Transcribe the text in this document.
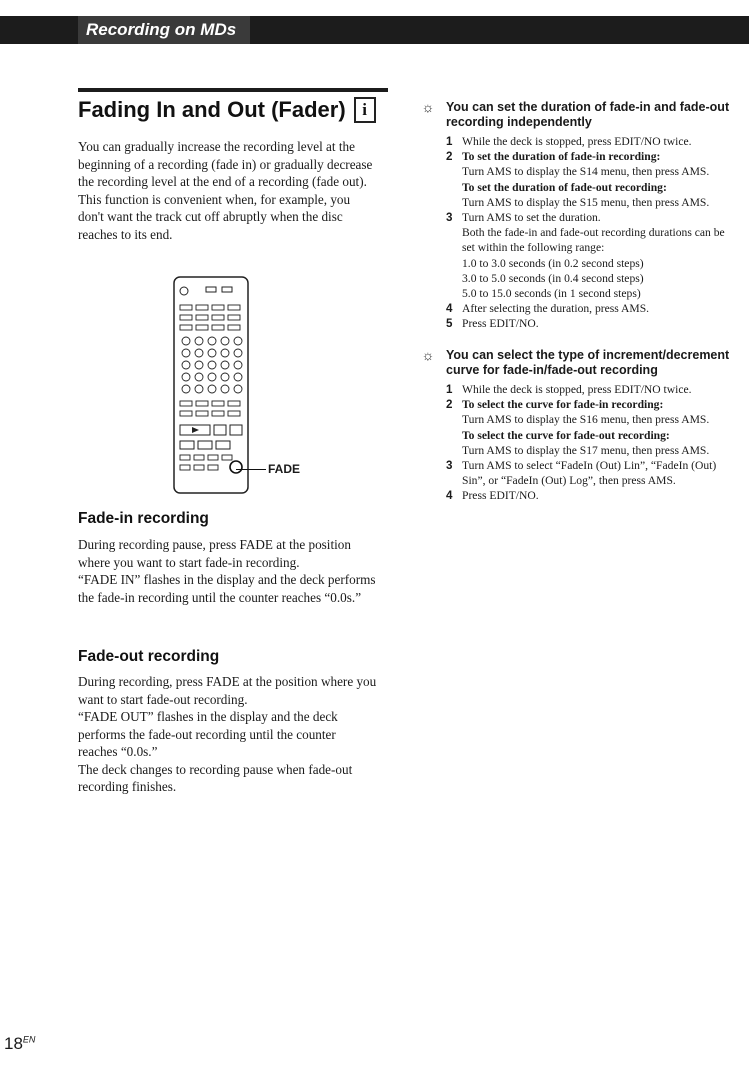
Recording on MDs
Fading In and Out (Fader) i

You can gradually increase the recording level at the beginning of a recording (fade in) or gradually decrease the recording level at the end of a recording (fade out).

This function is convenient when, for example, you don't want the track cut off abruptly when the disc reaches to its end.

FADE
Fade-in recording

During recording pause, press FADE at the position where you want to start fade-in recording.

“FADE IN” flashes in the display and the deck performs the fade-in recording until the counter reaches “0.0s.”

Fade-out recording

During recording, press FADE at the position where you want to start fade-out recording.

“FADE OUT” flashes in the display and the deck performs the fade-out recording until the counter reaches “0.0s.”

The deck changes to recording pause when fade-out recording finishes.

☼ You can set the duration of fade-in and fade-out recording independently
1 While the deck is stopped, press EDIT/NO twice.
2 To set the duration of fade-in recording:
Turn AMS to display the S14 menu, then press AMS.
To set the duration of fade-out recording:
Turn AMS to display the S15 menu, then press AMS.
3 Turn AMS to set the duration.
Both the fade-in and fade-out recording durations can be set within the following range:
1.0 to 3.0 seconds (in 0.2 second steps)
3.0 to 5.0 seconds (in 0.4 second steps)
5.0 to 15.0 seconds (in 1 second steps)
4 After selecting the duration, press AMS.
5 Press EDIT/NO.
☼ You can select the type of increment/decrement curve for fade-in/fade-out recording
1 While the deck is stopped, press EDIT/NO twice.
2 To select the curve for fade-in recording:
Turn AMS to display the S16 menu, then press AMS.
To select the curve for fade-out recording:
Turn AMS to display the S17 menu, then press AMS.
3 Turn AMS to select “FadeIn (Out) Lin”, “FadeIn (Out) Sin”, or “FadeIn (Out) Log”, then press AMS.
4 Press EDIT/NO.
$18^{EN}$
